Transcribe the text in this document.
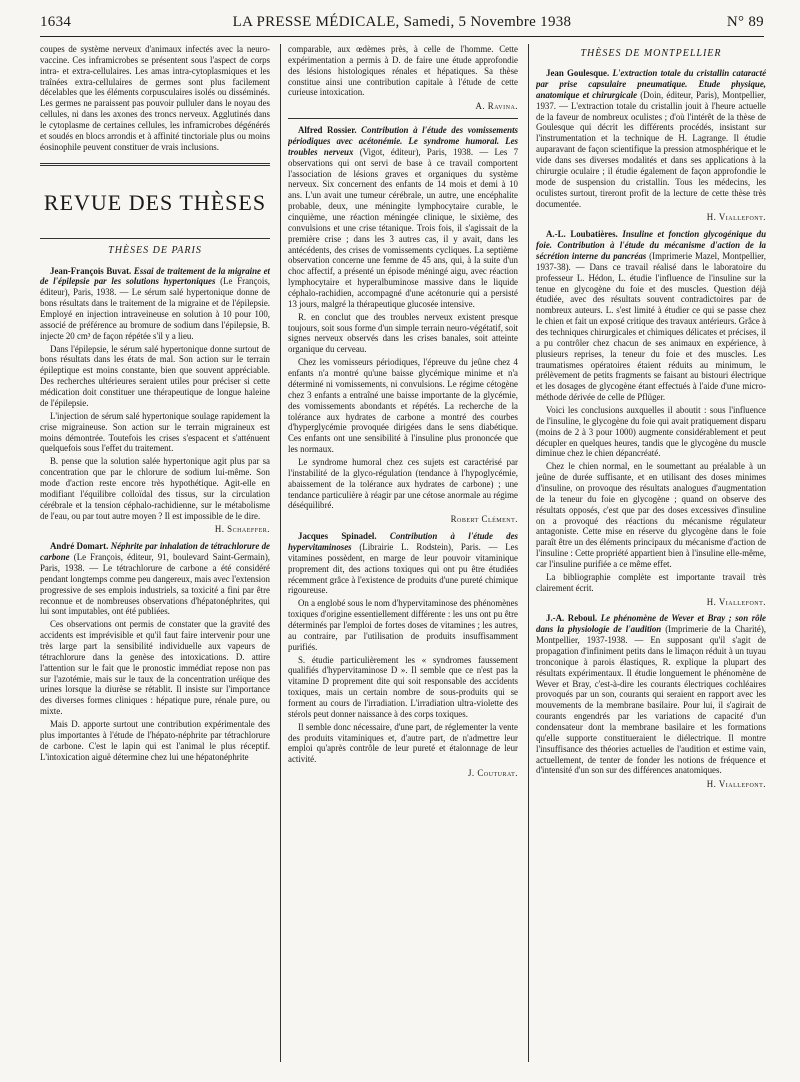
1634	LA PRESSE MÉDICALE, Samedi, 5 Novembre 1938	N° 89

coupes de système nerveux d'animaux infectés avec la neuro-vaccine. Ces inframicrobes se présentent sous l'aspect de corps intra- et extra-cellulaires. Les amas intra-cytoplasmiques et les traînées extra-cellulaires de germes sont plus facilement décelables que les éléments corpusculaires isolés ou disséminés. Les germes ne paraissent pas pouvoir pulluler dans le noyau des cellules, ni dans les axones des troncs nerveux. Agglutinés dans le cytoplasme de certaines cellules, les inframicrobes dégénérés et soudés en blocs arrondis et à affinité tinctoriale plus ou moins éosinophile peuvent constituer de vrais inclusions.

REVUE DES THÈSES
THÈSES DE PARIS

Jean-François Buvat. Essai de traitement de la migraine et de l'épilepsie par les solutions hypertoniques (Le François, éditeur), Paris, 1938. — Le sérum salé hypertonique donne de bons résultats dans le traitement de la migraine et de l'épilepsie. Employé en injection intraveineuse en solution à 10 pour 100, associé de préférence au bromure de sodium dans l'épilepsie, B. injecte 20 cm³ de façon répétée s'il y a lieu.

Dans l'épilepsie, le sérum salé hypertonique donne surtout de bons résultats dans les états de mal. Son action sur le terrain épileptique est moins constante, bien que souvent appréciable. Des recherches ultérieures seraient utiles pour préciser si cette médication doit constituer une thérapeutique de longue haleine de l'épilepsie.

L'injection de sérum salé hypertonique soulage rapidement la crise migraineuse. Son action sur le terrain migraineux est moins démontrée. Toutefois les crises s'espacent et s'atténuent quelquefois sous l'effet du traitement.

B. pense que la solution salée hypertonique agit plus par sa concentration que par le chlorure de sodium lui-même. Son mode d'action reste encore très hypothétique. Agit-elle en modifiant l'équilibre colloïdal des tissus, sur la circulation cérébrale et la tension céphalo-rachidienne, sur le métabolisme de l'eau, ou par tout autre moyen ? Il est impossible de le dire.

H. Schaeffer.

André Domart. Néphrite par inhalation de tétrachlorure de carbone (Le François, éditeur, 91, boulevard Saint-Germain), Paris, 1938. — Le tétrachlorure de carbone a été considéré pendant longtemps comme peu dangereux, mais avec l'extension progressive de ses emplois industriels, sa toxicité a fini par être reconnue et de nombreuses observations d'hépatonéphrites, qui lui sont imputables, ont été publiées.

Ces observations ont permis de constater que la gravité des accidents est imprévisible et qu'il faut faire intervenir pour une très large part la sensibilité individuelle aux vapeurs de tétrachlorure dans la genèse des intoxications. D. attire l'attention sur le fait que le pronostic immédiat repose non pas sur l'azotémie, mais sur le taux de la concentration uréique des urines lorsque la diurèse se rétablit. Il insiste sur l'importance des diverses formes cliniques : hépatique pure, rénale pure, ou mixte.

Mais D. apporte surtout une contribution expérimentale des plus importantes à l'étude de l'hépato-néphrite par tétrachlorure de carbone. C'est le lapin qui est l'animal le plus réceptif. L'intoxication aiguë détermine chez lui une hépatonéphrite

comparable, aux œdèmes près, à celle de l'homme. Cette expérimentation a permis à D. de faire une étude approfondie des lésions histologiques rénales et hépatiques. Sa thèse constitue ainsi une contribution capitale à l'étude de cette curieuse intoxication.

A. Ravina.

Alfred Rossier. Contribution à l'étude des vomissements périodiques avec acétonémie. Le syndrome humoral. Les troubles nerveux (Vigot, éditeur), Paris, 1938. — Les 7 observations qui ont servi de base à ce travail comportent l'association de lésions graves et organiques du système nerveux. Six concernent des enfants de 14 mois et demi à 10 ans. L'un avait une tumeur cérébrale, un autre, une encéphalite probable, deux, une méningite lymphocytaire curable, le cinquième, une réaction méningée clinique, le sixième, des convulsions et une crise tétanique. Trois fois, il s'agissait de la première crise ; dans les 3 autres cas, il y avait, dans les antécédents, des crises de vomissements cycliques. La septième observation concerne une femme de 45 ans, qui, à la suite d'un choc affectif, a présenté un épisode méningé aigu, avec réaction lymphocytaire et hyperalbuminose massive dans le liquide céphalo-rachidien, accompagné d'une acétonurie qui a persisté 13 jours, malgré la thérapeutique glucosée intensive.

R. en conclut que des troubles nerveux existent presque toujours, soit sous forme d'un simple terrain neuro-végétatif, soit signes nerveux observés dans les crises banales, soit atteinte organique du cerveau.

Chez les vomisseurs périodiques, l'épreuve du jeûne chez 4 enfants n'a montré qu'une baisse glycémique minime et n'a déterminé ni vomissements, ni convulsions. Le régime cétogène chez 3 enfants a entraîné une baisse importante de la glycémie, des vomissements abondants et répétés. La recherche de la tolérance aux hydrates de carbone a montré des courbes d'hyperglycémie provoquée dirigées dans le sens diabétique. Ces enfants ont une sensibilité à l'insuline plus prononcée que les normaux.

Le syndrome humoral chez ces sujets est caractérisé par l'instabilité de la glyco-régulation (tendance à l'hypoglycémie, abaissement de la tolérance aux hydrates de carbone) ; une tendance particulière à réagir par une cétose anormale au régime déséquilibré.

Robert Clément.

Jacques Spinadel. Contribution à l'étude des hypervitaminoses (Librairie L. Rodstein), Paris. — Les vitamines possèdent, en marge de leur pouvoir vitaminique proprement dit, des actions toxiques qui ont pu être étudiées récemment grâce à l'existence de produits d'une pureté chimique rigoureuse.

On a englobé sous le nom d'hypervitaminose des phénomènes toxiques d'origine essentiellement différente : les uns ont pu être déterminés par l'emploi de fortes doses de vitamines ; les autres, au contraire, par l'utilisation de produits insuffisamment purifiés.

S. étudie particulièrement les « syndromes faussement qualifiés d'hypervitaminose D ». Il semble que ce n'est pas la vitamine D proprement dite qui soit responsable des accidents toxiques, mais un certain nombre de sous-produits qui se forment au cours de l'irradiation. L'irradiation ultra-violette des stérols peut donner naissance à des corps toxiques.

Il semble donc nécessaire, d'une part, de réglementer la vente des produits vitaminiques et, d'autre part, de n'admettre leur emploi qu'après contrôle de leur pureté et étalonnage de leur activité.

J. Couturat.
THÈSES DE MONTPELLIER

Jean Goulesque. L'extraction totale du cristallin cataracté par prise capsulaire pneumatique. Etude physique, anatomique et chirurgicale (Doin, éditeur, Paris), Montpellier, 1937. — L'extraction totale du cristallin jouit à l'heure actuelle de la faveur de nombreux oculistes ; d'où l'intérêt de la thèse de Goulesque qui décrit les différents procédés, insistant sur l'instrumentation et la technique de H. Lagrange. Il étudie auparavant de façon scientifique la pression atmosphérique et le vide dans ses diverses modalités et dans ses applications à la chirurgie oculaire ; il étudie également de façon approfondie le mode de suspension du cristallin. Tous les médecins, les oculistes surtout, tireront profit de la lecture de cette thèse très documentée.

H. Viallefont.

A.-L. Loubatières. Insuline et fonction glycogénique du foie. Contribution à l'étude du mécanisme d'action de la sécrétion interne du pancréas (Imprimerie Mazel, Montpellier, 1937-38). — Dans ce travail réalisé dans le laboratoire du professeur L. Hédon, L. étudie l'influence de l'insuline sur la tenue en glycogène du foie et des muscles. Question déjà étudiée, avec des résultats souvent contradictoires par de nombreux auteurs. L. s'est limité à étudier ce qui se passe chez le chien et fait un exposé critique des travaux antérieurs. Grâce à des techniques chirurgicales et chimiques délicates et précises, il a pu contrôler chez chacun de ses animaux en expérience, à plusieurs reprises, la teneur du foie et des muscles. Les traumatismes opératoires étaient réduits au minimum, le prélèvement de petits fragments se faisant au bistouri électrique et les dosages de glycogène étant effectués à l'aide d'une micro-méthode dérivée de celle de Pflüger.

Voici les conclusions auxquelles il aboutit : sous l'influence de l'insuline, le glycogène du foie qui avait pratiquement disparu (moins de 2 à 3 pour 1000) augmente considérablement et peut décupler en quelques heures, tandis que le glycogène du muscle diminue chez le chien dépancréaté.

Chez le chien normal, en le soumettant au préalable à un jeûne de durée suffisante, et en utilisant des doses minimes d'insuline, on provoque des résultats analogues d'augmentation de la teneur du foie en glycogène ; quand on observe des résultats opposés, c'est que par des doses excessives d'insuline on a provoqué des réactions du mécanisme régulateur antagoniste. Cette mise en réserve du glycogène dans le foie paraît être un des éléments principaux du mécanisme d'action de l'insuline : Cette propriété appartient bien à l'insuline elle-même, car l'insuline purifiée a ce même effet.

La bibliographie complète est importante travail très clairement écrit.

H. Viallefont.

J.-A. Reboul. Le phénomène de Wever et Bray ; son rôle dans la physiologie de l'audition (Imprimerie de la Charité), Montpellier, 1937-1938. — En supposant qu'il s'agit de propagation d'infiniment petits dans le limaçon réduit à un tuyau tronconique à parois élastiques, R. explique la plupart des résultats expérimentaux. Il étudie longuement le phénomène de Wever et Bray, c'est-à-dire les courants électriques cochléaires provoqués par un son, courants qui seraient en rapport avec les mouvements de la membrane basilaire. Pour lui, il s'agirait de courants engendrés par les variations de capacité d'un condensateur dont la membrane basilaire et les formations qu'elle supporte constitueraient le diélectrique. Il montre l'insuffisance des théories actuelles de l'audition et estime vain, actuellement, de tenter de fonder les notions de fréquence et d'intensité d'un son sur des différences anatomiques.

H. Viallefont.
